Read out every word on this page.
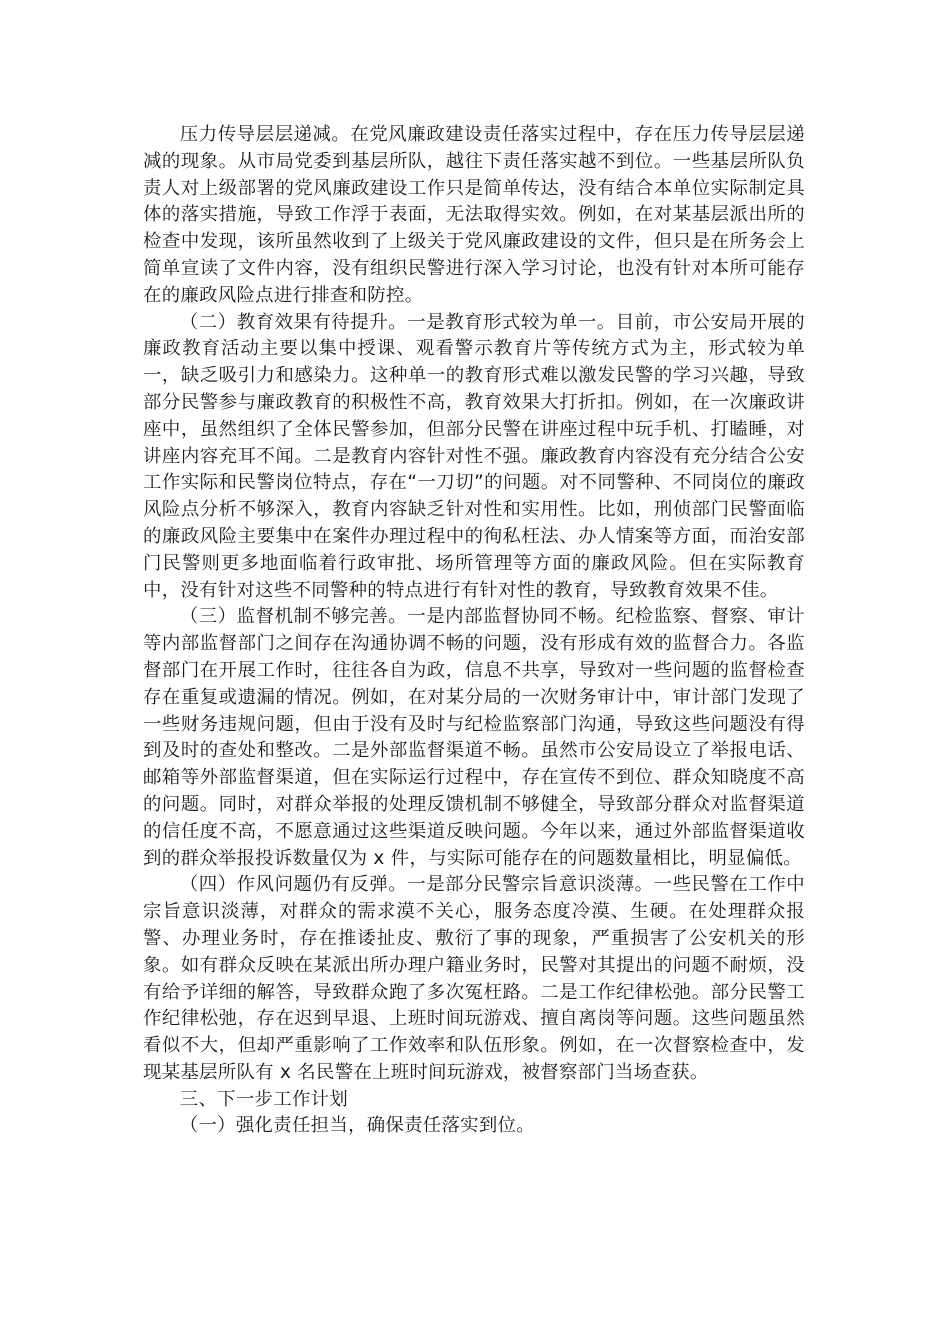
压力传导层层递减。在党风廉政建设责任落实过程中，存在压力传导层层递减的现象。从市局党委到基层所队，越往下责任落实越不到位。一些基层所队负责人对上级部署的党风廉政建设工作只是简单传达，没有结合本单位实际制定具体的落实措施，导致工作浮于表面，无法取得实效。例如，在对某基层派出所的检查中发现，该所虽然收到了上级关于党风廉政建设的文件，但只是在所务会上简单宣读了文件内容，没有组织民警进行深入学习讨论，也没有针对本所可能存在的廉政风险点进行排查和防控。

（二）教育效果有待提升。一是教育形式较为单一。目前，市公安局开展的廉政教育活动主要以集中授课、观看警示教育片等传统方式为主，形式较为单一，缺乏吸引力和感染力。这种单一的教育形式难以激发民警的学习兴趣，导致部分民警参与廉政教育的积极性不高，教育效果大打折扣。例如，在一次廉政讲座中，虽然组织了全体民警参加，但部分民警在讲座过程中玩手机、打瞌睡，对讲座内容充耳不闻。二是教育内容针对性不强。廉政教育内容没有充分结合公安工作实际和民警岗位特点，存在“一刀切”的问题。对不同警种、不同岗位的廉政风险点分析不够深入，教育内容缺乏针对性和实用性。比如，刑侦部门民警面临的廉政风险主要集中在案件办理过程中的徇私枉法、办人情案等方面，而治安部门民警则更多地面临着行政审批、场所管理等方面的廉政风险。但在实际教育中，没有针对这些不同警种的特点进行有针对性的教育，导致教育效果不佳。

（三）监督机制不够完善。一是内部监督协同不畅。纪检监察、督察、审计等内部监督部门之间存在沟通协调不畅的问题，没有形成有效的监督合力。各监督部门在开展工作时，往往各自为政，信息不共享，导致对一些问题的监督检查存在重复或遗漏的情况。例如，在对某分局的一次财务审计中，审计部门发现了一些财务违规问题，但由于没有及时与纪检监察部门沟通，导致这些问题没有得到及时的查处和整改。二是外部监督渠道不畅。虽然市公安局设立了举报电话、邮箱等外部监督渠道，但在实际运行过程中，存在宣传不到位、群众知晓度不高的问题。同时，对群众举报的处理反馈机制不够健全，导致部分群众对监督渠道的信任度不高，不愿意通过这些渠道反映问题。今年以来，通过外部监督渠道收到的群众举报投诉数量仅为 x 件，与实际可能存在的问题数量相比，明显偏低。

（四）作风问题仍有反弹。一是部分民警宗旨意识淡薄。一些民警在工作中宗旨意识淡薄，对群众的需求漠不关心，服务态度冷漠、生硬。在处理群众报警、办理业务时，存在推诿扯皮、敷衍了事的现象，严重损害了公安机关的形象。如有群众反映在某派出所办理户籍业务时，民警对其提出的问题不耐烦，没有给予详细的解答，导致群众跑了多次冤枉路。二是工作纪律松弛。部分民警工作纪律松弛，存在迟到早退、上班时间玩游戏、擅自离岗等问题。这些问题虽然看似不大，但却严重影响了工作效率和队伍形象。例如，在一次督察检查中，发现某基层所队有 x 名民警在上班时间玩游戏，被督察部门当场查获。

三、下一步工作计划

（一）强化责任担当，确保责任落实到位。
